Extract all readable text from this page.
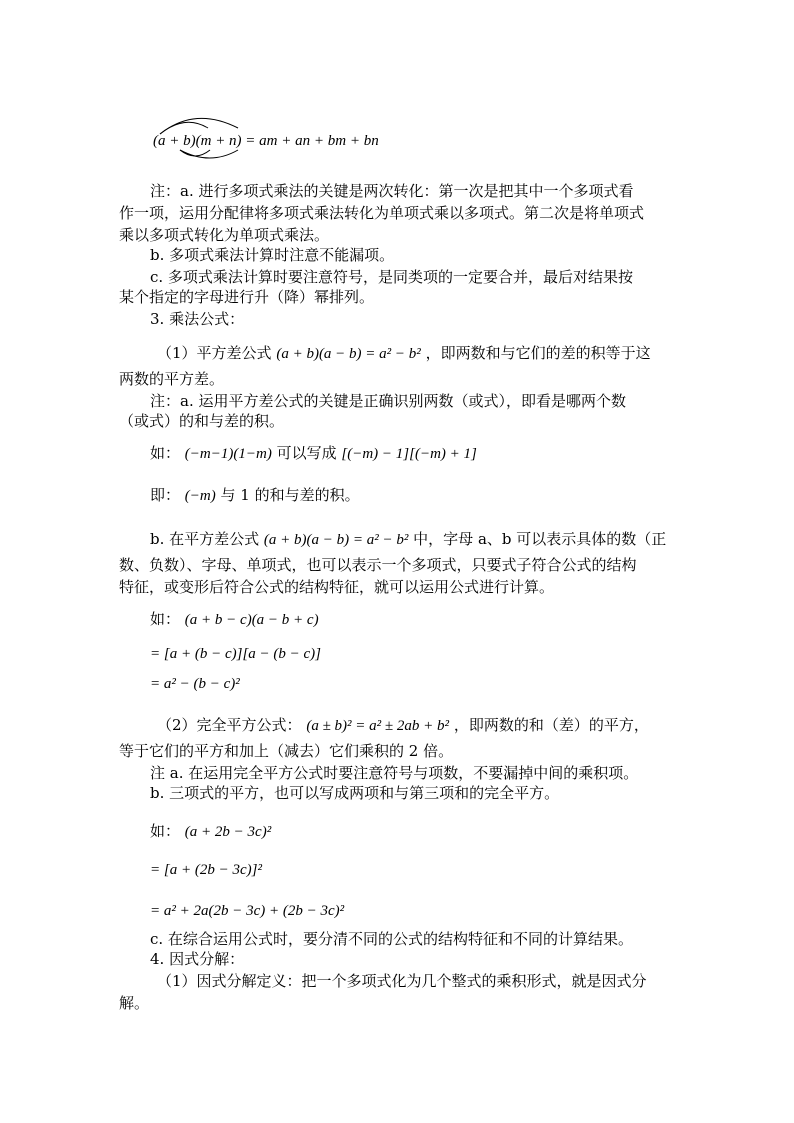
(a + b)(m + n) = am + an + bm + bn
注：a. 进行多项式乘法的关键是两次转化：第一次是把其中一个多项式看
作一项，运用分配律将多项式乘法转化为单项式乘以多项式。第二次是将单项式
乘以多项式转化为单项式乘法。
b. 多项式乘法计算时注意不能漏项。
c. 多项式乘法计算时要注意符号，是同类项的一定要合并，最后对结果按
某个指定的字母进行升（降）幂排列。
3. 乘法公式：
（1）平方差公式 (a + b)(a − b) = a² − b² ，即两数和与它们的差的积等于这
两数的平方差。
注：a. 运用平方差公式的关键是正确识别两数（或式），即看是哪两个数
（或式）的和与差的积。
如： (−m−1)(1−m) 可以写成 [(−m) − 1][(−m) + 1]
即： (−m) 与 1 的和与差的积。
b. 在平方差公式 (a + b)(a − b) = a² − b² 中，字母 a、b 可以表示具体的数（正
数、负数）、字母、单项式，也可以表示一个多项式，只要式子符合公式的结构
特征，或变形后符合公式的结构特征，就可以运用公式进行计算。
如： (a + b − c)(a − b + c)
= [a + (b − c)][a − (b − c)]
= a² − (b − c)²
（2）完全平方公式： (a ± b)² = a² ± 2ab + b² ，即两数的和（差）的平方，
等于它们的平方和加上（减去）它们乘积的 2 倍。
注 a. 在运用完全平方公式时要注意符号与项数，不要漏掉中间的乘积项。
b. 三项式的平方，也可以写成两项和与第三项和的完全平方。
如： (a + 2b − 3c)²
= [a + (2b − 3c)]²
= a² + 2a(2b − 3c) + (2b − 3c)²
c. 在综合运用公式时，要分清不同的公式的结构特征和不同的计算结果。
4. 因式分解：
（1）因式分解定义：把一个多项式化为几个整式的乘积形式，就是因式分
解。
